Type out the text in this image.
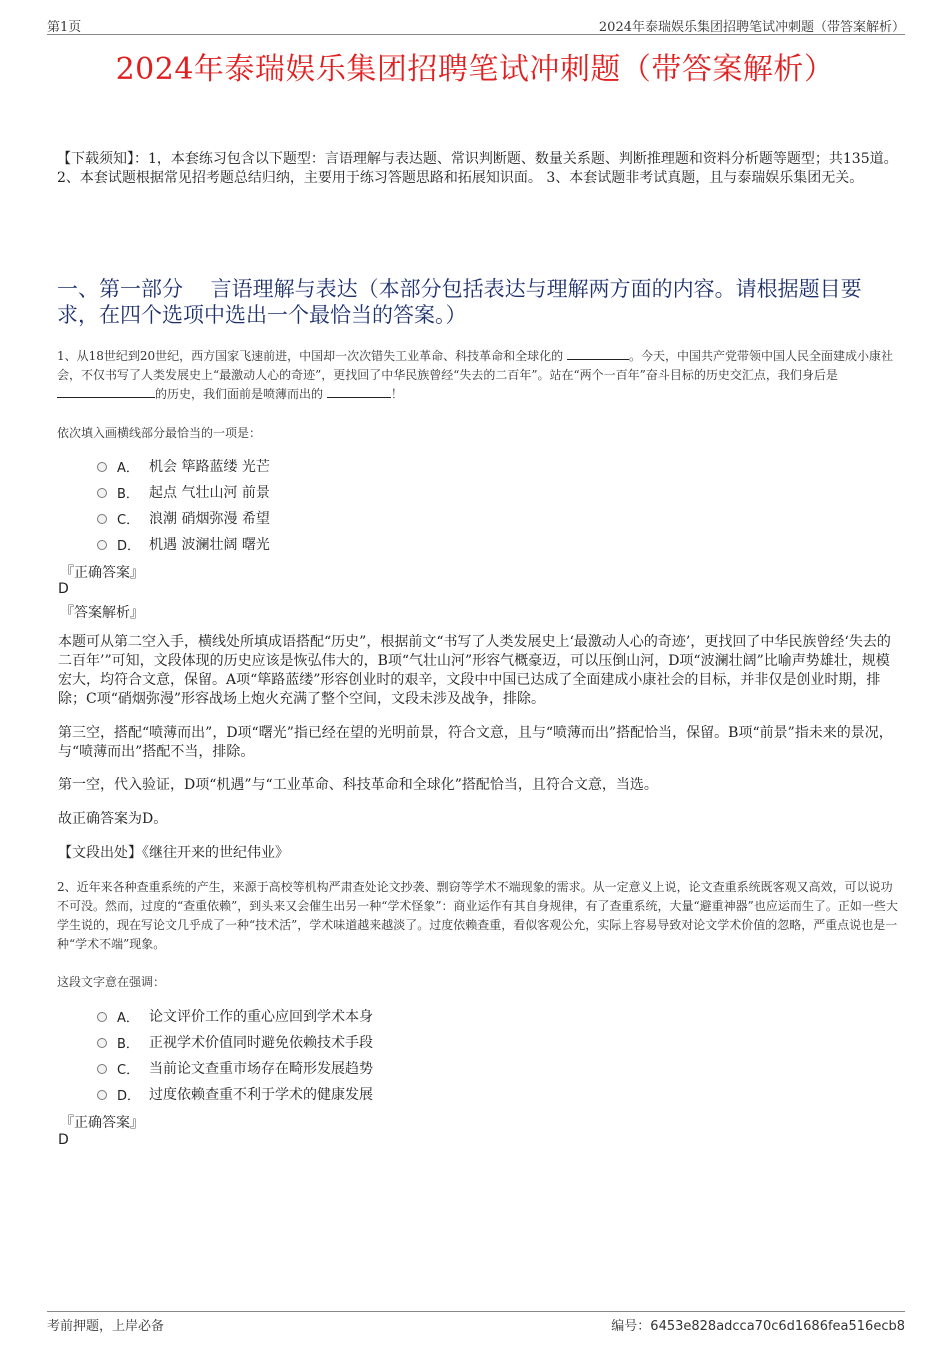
第1页	2024年泰瑞娱乐集团招聘笔试冲刺题（带答案解析）
2024年泰瑞娱乐集团招聘笔试冲刺题（带答案解析）
【下载须知】：1，本套练习包含以下题型：言语理解与表达题、常识判断题、数量关系题、判断推理题和资料分析题等题型；共135道。 2、本套试题根据常见招考题总结归纳，主要用于练习答题思路和拓展知识面。 3、本套试题非考试真题，且与泰瑞娱乐集团无关。
一、第一部分　 言语理解与表达（本部分包括表达与理解两方面的内容。请根据题目要求，在四个选项中选出一个最恰当的答案。）
1、从18世纪到20世纪，西方国家飞速前进，中国却一次次错失工业革命、科技革命和全球化的	。今天，中国共产党带领中国人民全面建成小康社会，不仅书写了人类发展史上“最激动人心的奇迹”，更找回了中华民族曾经“失去的二百年”。站在“两个一百年”奋斗目标的历史交汇点，我们身后是 的历史，我们面前是喷薄而出的	！
依次填入画横线部分最恰当的一项是：
A． 机会 筚路蓝缕 光芒
B． 起点 气壮山河 前景
C． 浪潮 硝烟弥漫 希望
D． 机遇 波澜壮阔 曙光
『正确答案』
D
『答案解析』
本题可从第二空入手，横线处所填成语搭配“历史”，根据前文“书写了人类发展史上‘最激动人心的奇迹’，更找回了中华民族曾经‘失去的二百年’”可知，文段体现的历史应该是恢弘伟大的，B项“气壮山河”形容气概豪迈，可以压倒山河，D项“波澜壮阔”比喻声势雄壮，规模宏大，均符合文意，保留。A项“筚路蓝缕”形容创业时的艰辛，文段中中国已达成了全面建成小康社会的目标，并非仅是创业时期，排除；C项“硝烟弥漫”形容战场上炮火充满了整个空间，文段未涉及战争，排除。
第三空，搭配“喷薄而出”，D项“曙光”指已经在望的光明前景，符合文意，且与“喷薄而出”搭配恰当，保留。B项“前景”指未来的景况，与“喷薄而出”搭配不当，排除。
第一空，代入验证，D项“机遇”与“工业革命、科技革命和全球化”搭配恰当，且符合文意，当选。
故正确答案为D。
【文段出处】《继往开来的世纪伟业》
2、近年来各种查重系统的产生，来源于高校等机构严肃查处论文抄袭、剽窃等学术不端现象的需求。从一定意义上说，论文查重系统既客观又高效，可以说功不可没。然而，过度的“查重依赖”，到头来又会催生出另一种“学术怪象”：商业运作有其自身规律，有了查重系统，大量“避重神器”也应运而生了。正如一些大学生说的，现在写论文几乎成了一种“技术活”，学术味道越来越淡了。过度依赖查重，看似客观公允，实际上容易导致对论文学术价值的忽略，严重点说也是一种“学术不端”现象。
这段文字意在强调：
A． 论文评价工作的重心应回到学术本身
B． 正视学术价值同时避免依赖技术手段
C． 当前论文查重市场存在畸形发展趋势
D． 过度依赖查重不利于学术的健康发展
『正确答案』
D
考前押题，上岸必备	编号：6453e828adcca70c6d1686fea516ecb8
